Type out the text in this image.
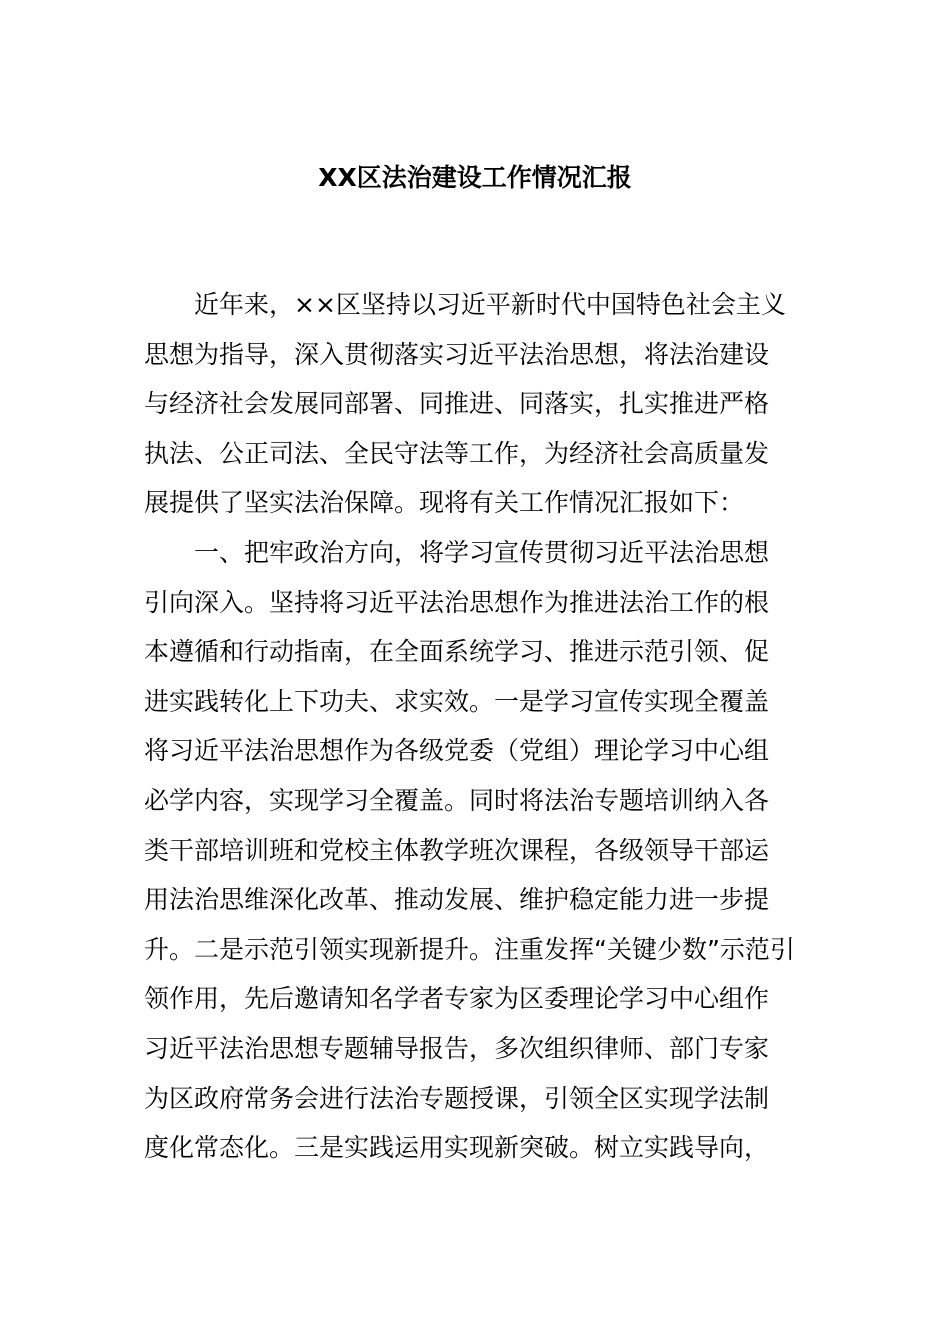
XX区法治建设工作情况汇报
近年来，××区坚持以习近平新时代中国特色社会主义
思想为指导，深入贯彻落实习近平法治思想，将法治建设
与经济社会发展同部署、同推进、同落实，扎实推进严格
执法、公正司法、全民守法等工作，为经济社会高质量发
展提供了坚实法治保障。现将有关工作情况汇报如下：
一、把牢政治方向，将学习宣传贯彻习近平法治思想
引向深入。坚持将习近平法治思想作为推进法治工作的根
本遵循和行动指南，在全面系统学习、推进示范引领、促
进实践转化上下功夫、求实效。一是学习宣传实现全覆盖
将习近平法治思想作为各级党委（党组）理论学习中心组
必学内容，实现学习全覆盖。同时将法治专题培训纳入各
类干部培训班和党校主体教学班次课程，各级领导干部运
用法治思维深化改革、推动发展、维护稳定能力进一步提
升。二是示范引领实现新提升。注重发挥“关键少数”示范引
领作用，先后邀请知名学者专家为区委理论学习中心组作
习近平法治思想专题辅导报告，多次组织律师、部门专家
为区政府常务会进行法治专题授课，引领全区实现学法制
度化常态化。三是实践运用实现新突破。树立实践导向，
